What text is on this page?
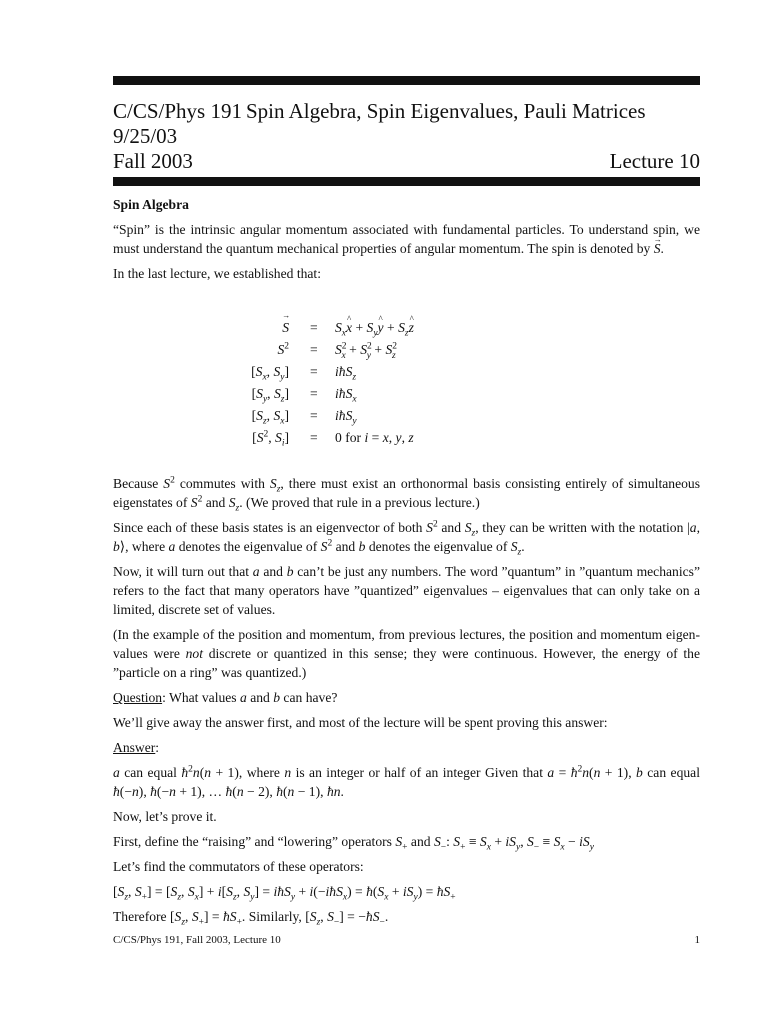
C/CS/Phys 191 Spin Algebra, Spin Eigenvalues, Pauli Matrices
9/25/03
Fall 2003	Lecture 10

Spin Algebra

“Spin” is the intrinsic angular momentum associated with fundamental particles. To understand spin, we must understand the quantum mechanical properties of angular momentum. The spin is denoted by → S.

In the last lecture, we established that:

→ $S = S_x\^{}$ $x + S_y\^{}$ $y + S_z\^{}$ z
$S^2 = S^2_x + S^2_y + S^2_z$
[$S_x$, $S_y$] = iħS$_z$
[$S_y$, $S_z$] = iħS$_x$
[$S_z$, $S_x$] = iħS$_y$
[$S^2$, $S_i] = 0$ for i = x, y, z

Because $S^2$ commutes with $S_z$, there must exist an orthonormal basis consisting entirely of simultaneous eigenstates of $S^2$ and $S_z$. (We proved that rule in a previous lecture.)

Since each of these basis states is an eigenvector of both $S^2$ and $S_z$, they can be written with the notation |a, b⟩, where a denotes the eigenvalue of $S^2$ and b denotes the eigenvalue of $S_z$.

Now, it will turn out that a and b can’t be just any numbers. The word ”quantum” in ”quantum mechanics” refers to the fact that many operators have ”quantized” eigenvalues – eigenvalues that can only take on a limited, discrete set of values.

(In the example of the position and momentum, from previous lectures, the position and momentum eigen- values were not discrete or quantized in this sense; they were continuous. However, the energy of the ”particle on a ring” was quantized.)

Question: What values a and b can have?

We’ll give away the answer first, and most of the lecture will be spent proving this answer:

Answer:

a can equal $ħ^2n(n + 1)$, where n is an integer or half of an integer Given that $a = ħ^2n(n + 1)$, b can equal ħ(−n), ħ(−n + 1), … ħ(n − 2), ħ(n − 1), ħn.

Now, let’s prove it.

First, define the “raising” and “lowering” operators $S_+$ and $S_-$: $S_+ \equiv S_x + iS_y$, $S_- \equiv S_x - iS_y$

Let’s find the commutators of these operators:

[$S_z$, $S_+] = [S_z$, $S_x] + i[S_z$, $S_y$] = iħS$_y$ + i(−iħS$_x$) = $ħ(S_x + iS_y)$ = $ħS_+$

Therefore [$S_z$, $S_+$] = $ħS_+$. Similarly, [$S_z$, $S_-$] = $-ħS_-$.

C/CS/Phys 191, Fall 2003, Lecture 10	1
